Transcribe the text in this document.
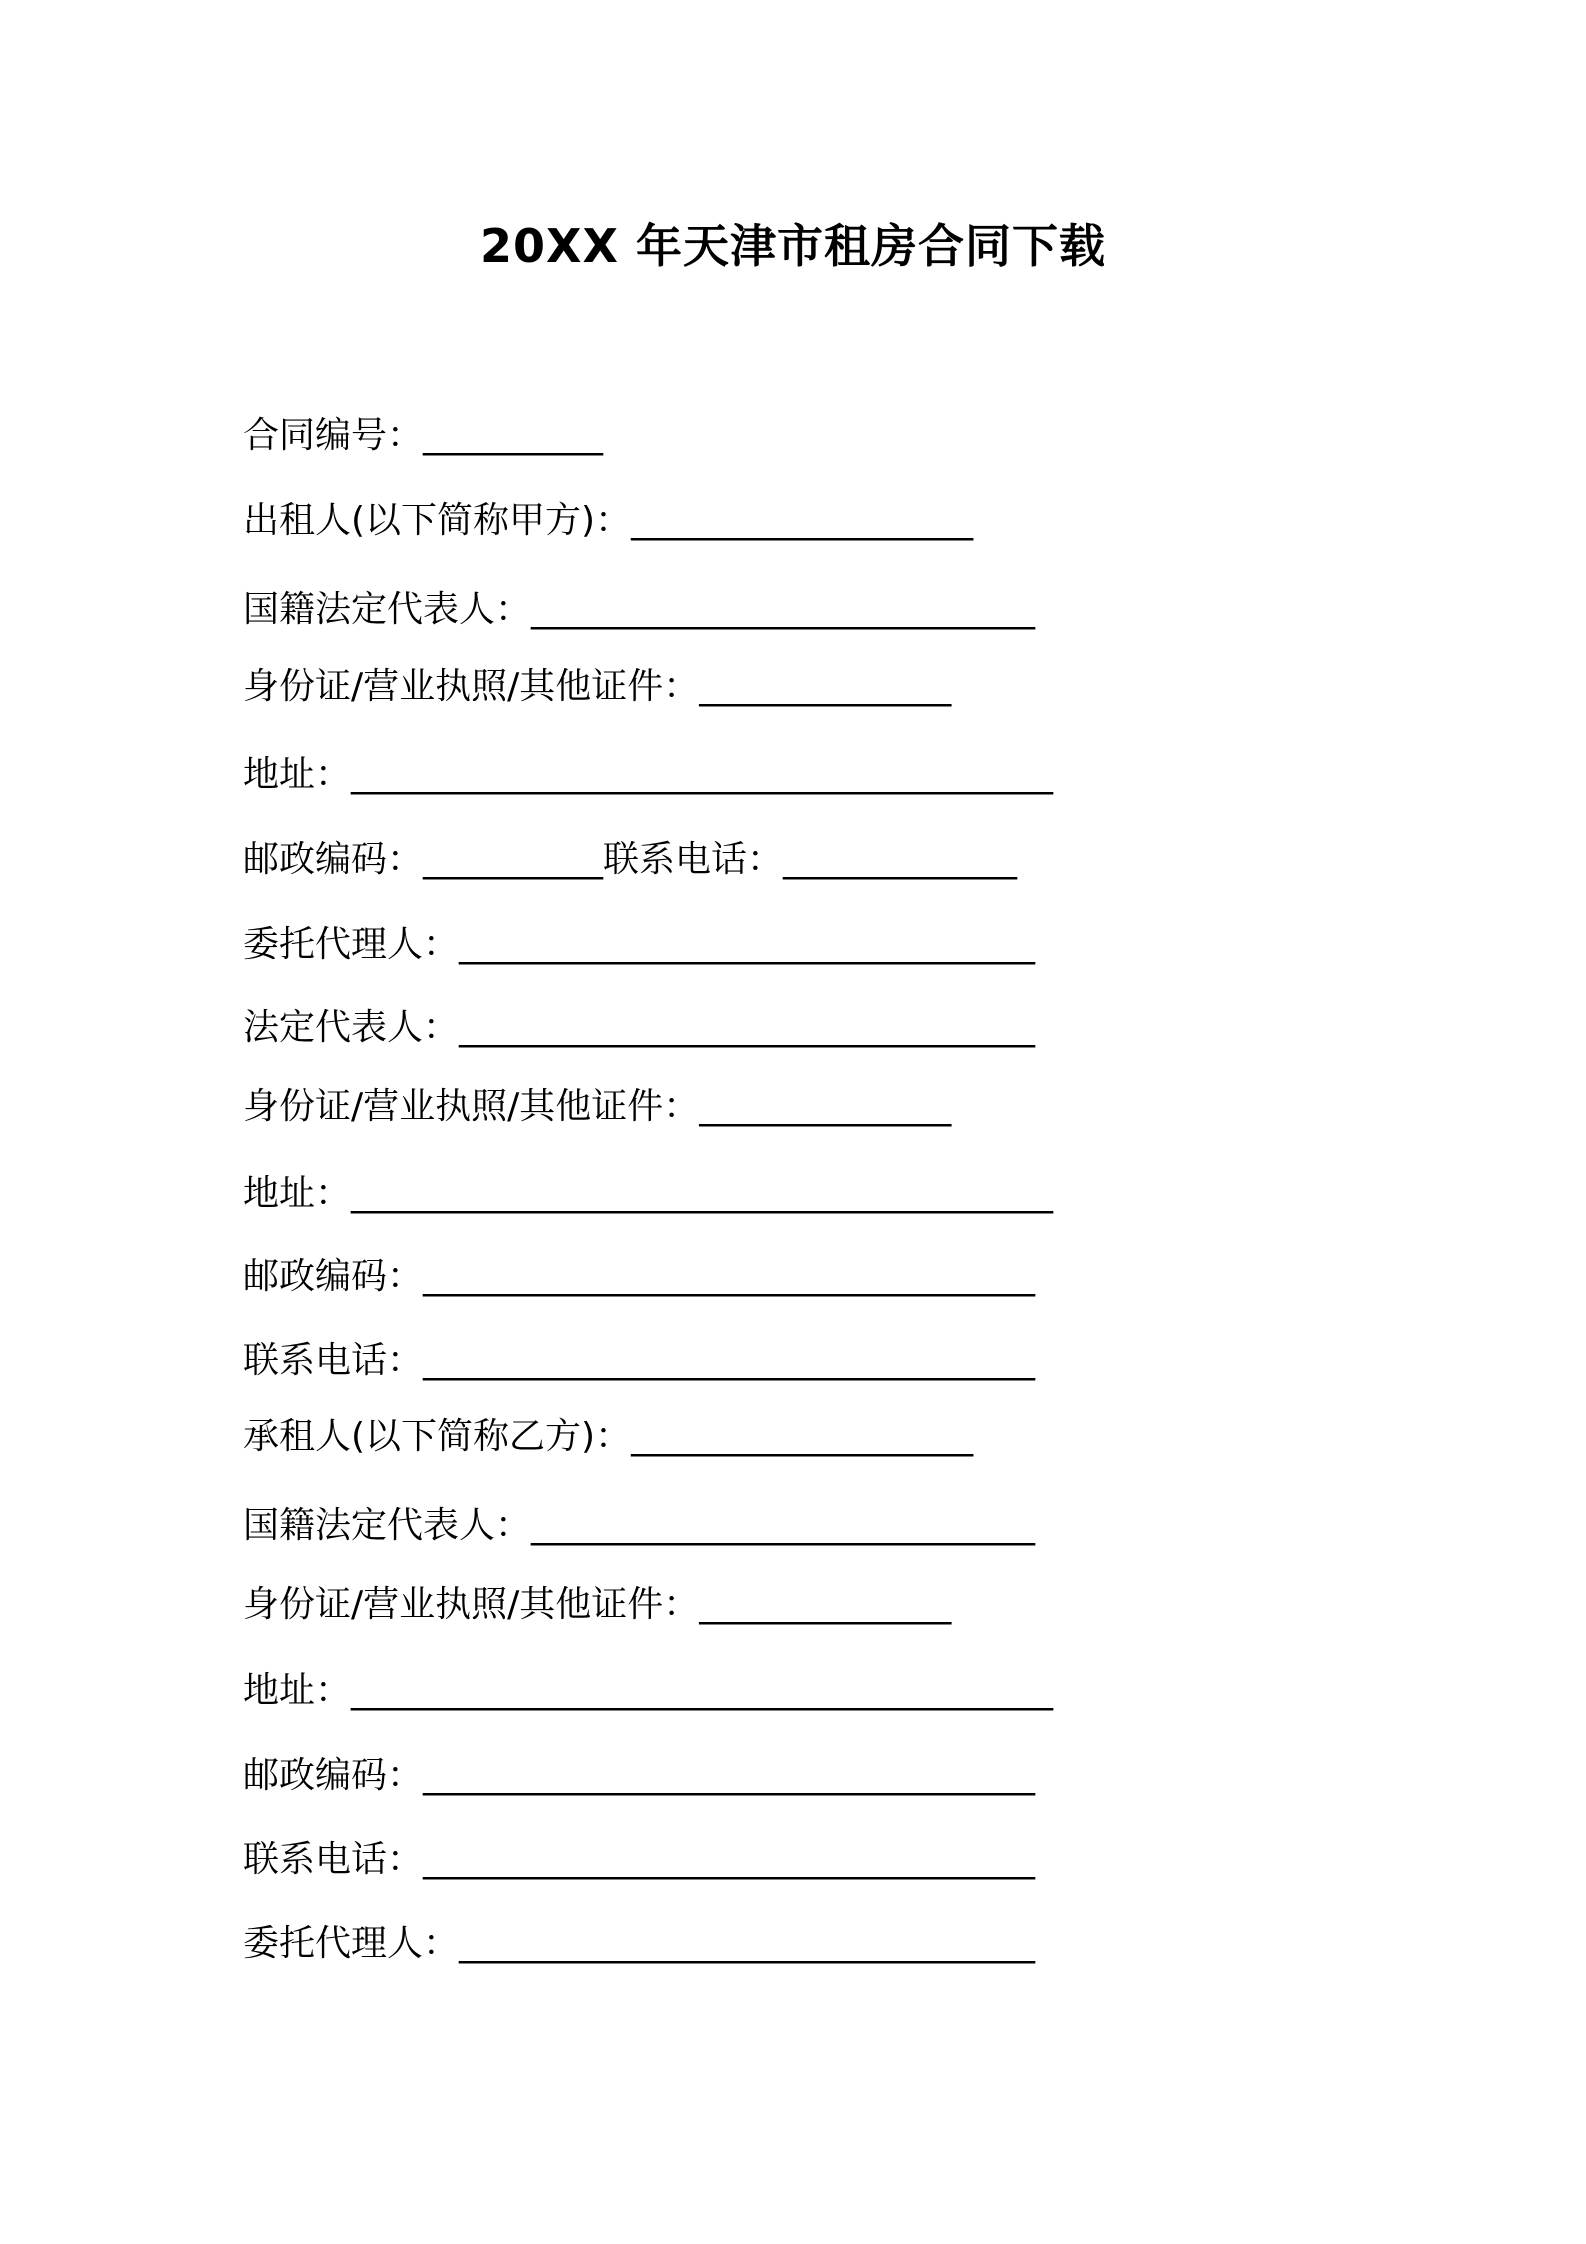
20XX 年天津市租房合同下载
合同编号：__________
出租人(以下简称甲方)：___________________
国籍法定代表人：____________________________
身份证/营业执照/其他证件：______________
地址：_______________________________________
邮政编码：__________联系电话：_____________
委托代理人：________________________________
法定代表人：________________________________
身份证/营业执照/其他证件：______________
地址：_______________________________________
邮政编码：__________________________________
联系电话：__________________________________
承租人(以下简称乙方)：___________________
国籍法定代表人：____________________________
身份证/营业执照/其他证件：______________
地址：_______________________________________
邮政编码：__________________________________
联系电话：__________________________________
委托代理人：________________________________
